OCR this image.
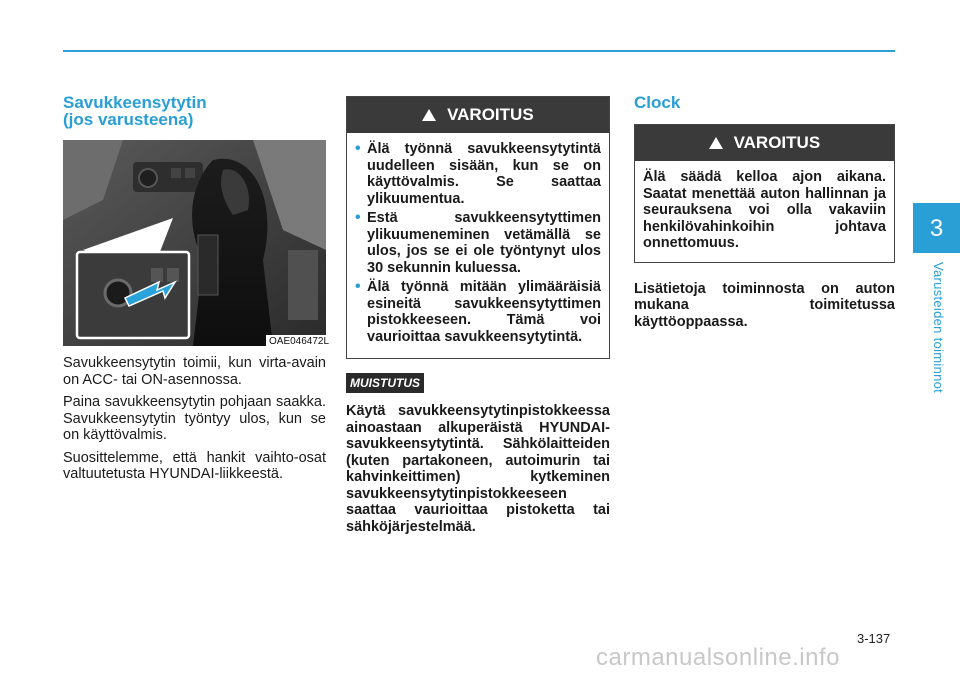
3
Varusteiden toiminnot

Savukkeensytytin
(jos varusteena)

OAE046472L

Savukkeensytytin toimii, kun virta-avain on ACC- tai ON-asennossa.

Paina savukkeensytytin pohjaan saakka. Savukkeensytytin työntyy ulos, kun se on käyttövalmis.

Suosittelemme, että hankit vaihto-osat valtuutetusta HYUNDAI-liikkeestä.

!
VAROITUS
• Älä työnnä savukkeensytytintä uudelleen sisään, kun se on käyttövalmis. Se saattaa ylikuumentua.
• Estä savukkeensytyttimen ylikuumeneminen vetämällä se ulos, jos se ei ole työntynyt ulos 30 sekunnin kuluessa.
• Älä työnnä mitään ylimääräisiä esineitä savukkeensytyttimen pistokkeeseen. Tämä voi vaurioittaa savukkeensytytintä.
MUISTUTUS

Käytä savukkeensytytinpistokkeessa ainoastaan alkuperäistä HYUNDAI-savukkeensytytintä. Sähkölaitteiden (kuten partakoneen, autoimurin tai kahvinkeittimen) kytkeminen savukkeensytytinpistokkeeseen saattaa vaurioittaa pistoketta tai sähköjärjestelmää.

Clock

!
VAROITUS

Älä säädä kelloa ajon aikana. Saatat menettää auton hallinnan ja seurauksena voi olla vakaviin henkilövahinkoihin johtava onnettomuus.

Lisätietoja toiminnosta on auton mukana toimitetussa käyttöoppaassa.

3-137
carmanualsonline.info
